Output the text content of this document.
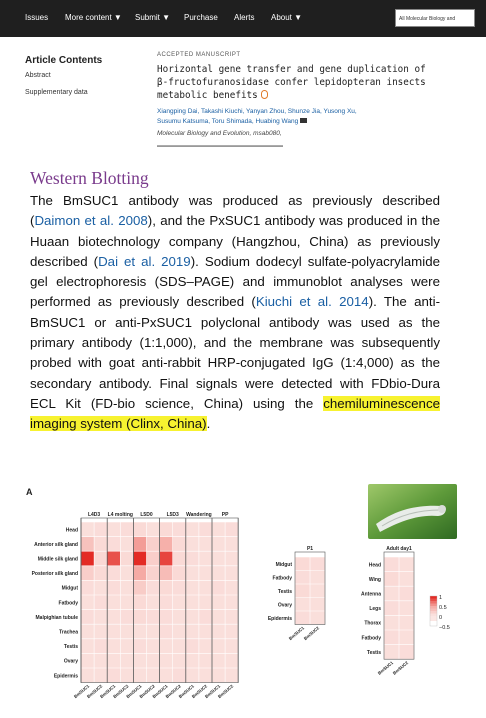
Issues More content ▼ Submit ▼ Purchase Alerts About ▼	All Molecular Biology and
Article Contents
Abstract
Supplementary data
ACCEPTED MANUSCRIPT
Horizontal gene transfer and gene duplication of
β-fructofuranosidase confer lepidopteran insects
metabolic benefits
Xiangping Dai, Takashi Kiuchi, Yanyan Zhou, Shunze Jia, Yusong Xu,
Susumu Katsuma, Toru Shimada, Huabing Wang
Molecular Biology and Evolution, msab080,
▬▬▬▬▬▬▬▬▬▬▬▬▬▬▬▬▬▬▬▬▬
Western Blotting
The BmSUC1 antibody was produced as previously described (Daimon et al. 2008), and the PxSUC1 antibody was produced in the Huaan biotechnology company (Hangzhou, China) as previously described (Dai et al. 2019). Sodium dodecyl sulfate-polyacrylamide gel electrophoresis (SDS–PAGE) and immunoblot analyses were performed as previously described (Kiuchi et al. 2014). The anti-BmSUC1 or anti-PxSUC1 polyclonal antibody was used as the primary antibody (1:1,000), and the membrane was subsequently probed with goat anti-rabbit HRP-conjugated IgG (1:4,000) as the secondary antibody. Final signals were detected with FDbio-Dura ECL Kit (FD-bio science, China) using the chemiluminescence imaging system (Clinx, China).
A
L4D3 L4 molting L5D0	L5D3 Wandering PP
Head
Anterior silk gland
Middle silk gland
Posterior silk gland
Midgut
Fatbody
Malpighian tubule
Trachea
Testis
Ovary
Epidermis
BmSUC1
BmSUC2
BmSUC1
BmSUC2
BmSUC1
BmSUC2
BmSUC1
BmSUC2
BmSUC1
BmSUC2
BmSUC1
BmSUC2
P1
Midgut
Fatbody
Testis
Ovary
Epidermis
BmSUC1
BmSUC2
Adult day1
Head
Wing
Antenna
Legs
Thorax
Fatbody
Testis
BmSUC1
BmSUC2
1
0.5
0
−0.5
